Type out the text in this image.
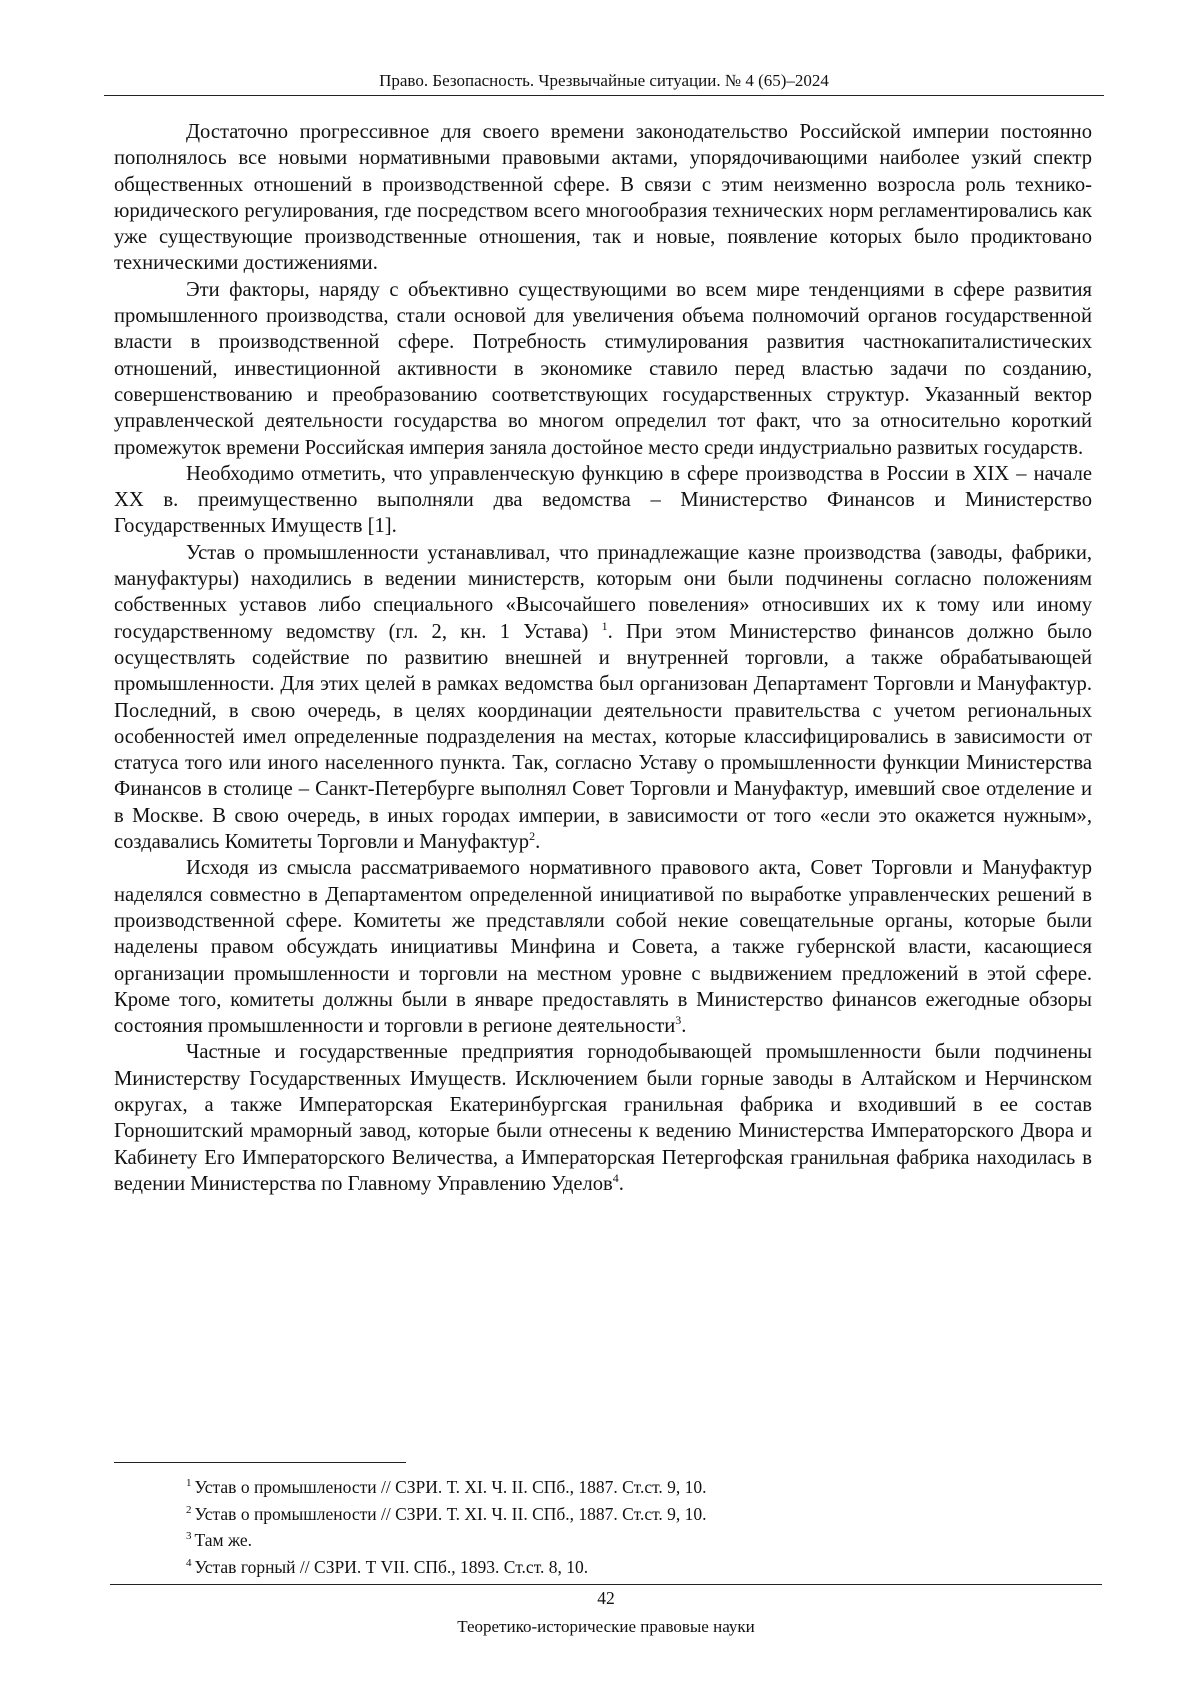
Право. Безопасность. Чрезвычайные ситуации. № 4 (65)–2024

Достаточно прогрессивное для своего времени законодательство Российской империи постоянно пополнялось все новыми нормативными правовыми актами, упорядочивающими наиболее узкий спектр общественных отношений в производственной сфере. В связи с этим неизменно возросла роль технико-юридического регулирования, где посредством всего многообразия технических норм регламентировались как уже существующие производственные отношения, так и новые, появление которых было продиктовано техническими достижениями.

Эти факторы, наряду с объективно существующими во всем мире тенденциями в сфере развития промышленного производства, стали основой для увеличения объема полномочий органов государственной власти в производственной сфере. Потребность стимулирования развития частнокапиталистических отношений, инвестиционной активности в экономике ставило перед властью задачи по созданию, совершенствованию и преобразованию соответствующих государственных структур. Указанный вектор управленческой деятельности государства во многом определил тот факт, что за относительно короткий промежуток времени Российская империя заняла достойное место среди индустриально развитых государств.

Необходимо отметить, что управленческую функцию в сфере производства в России в XIX – начале XX в. преимущественно выполняли два ведомства – Министерство Финансов и Министерство Государственных Имуществ [1].

Устав о промышленности устанавливал, что принадлежащие казне производства (заводы, фабрики, мануфактуры) находились в ведении министерств, которым они были подчинены согласно положениям собственных уставов либо специального «Высочайшего повеления» относивших их к тому или иному государственному ведомству (гл. 2, кн. 1 Устава) $^1$. При этом Министерство финансов должно было осуществлять содействие по развитию внешней и внутренней торговли, а также обрабатывающей промышленности. Для этих целей в рамках ведомства был организован Департамент Торговли и Мануфактур. Последний, в свою очередь, в целях координации деятельности правительства с учетом региональных особенностей имел определенные подразделения на местах, которые классифицировались в зависимости от статуса того или иного населенного пункта. Так, согласно Уставу о промышленности функции Министерства Финансов в столице – Санкт-Петербурге выполнял Совет Торговли и Мануфактур, имевший свое отделение и в Москве. В свою очередь, в иных городах империи, в зависимости от того «если это окажется нужным», создавались Комитеты Торговли и Мануфактур$^2$.

Исходя из смысла рассматриваемого нормативного правового акта, Совет Торговли и Мануфактур наделялся совместно в Департаментом определенной инициативой по выработке управленческих решений в производственной сфере. Комитеты же представляли собой некие совещательные органы, которые были наделены правом обсуждать инициативы Минфина и Совета, а также губернской власти, касающиеся организации промышленности и торговли на местном уровне с выдвижением предложений в этой сфере. Кроме того, комитеты должны были в январе предоставлять в Министерство финансов ежегодные обзоры состояния промышленности и торговли в регионе деятельности$^3$.

Частные и государственные предприятия горнодобывающей промышленности были подчинены Министерству Государственных Имуществ. Исключением были горные заводы в Алтайском и Нерчинском округах, а также Императорская Екатеринбургская гранильная фабрика и входивший в ее состав Горношитский мраморный завод, которые были отнесены к ведению Министерства Императорского Двора и Кабинету Его Императорского Величества, а Императорская Петергофская гранильная фабрика находилась в ведении Министерства по Главному Управлению Уделов$^4$.

$^1$ Устав о промышлености // СЗРИ. Т. XI. Ч. II. СПб., 1887. Ст.ст. 9, 10.
$^2$ Устав о промышлености // СЗРИ. Т. XI. Ч. II. СПб., 1887. Ст.ст. 9, 10.
$^3$ Там же.
$^4$ Устав горный // СЗРИ. Т VII. СПб., 1893. Ст.ст. 8, 10.
42
Теоретико-исторические правовые науки
